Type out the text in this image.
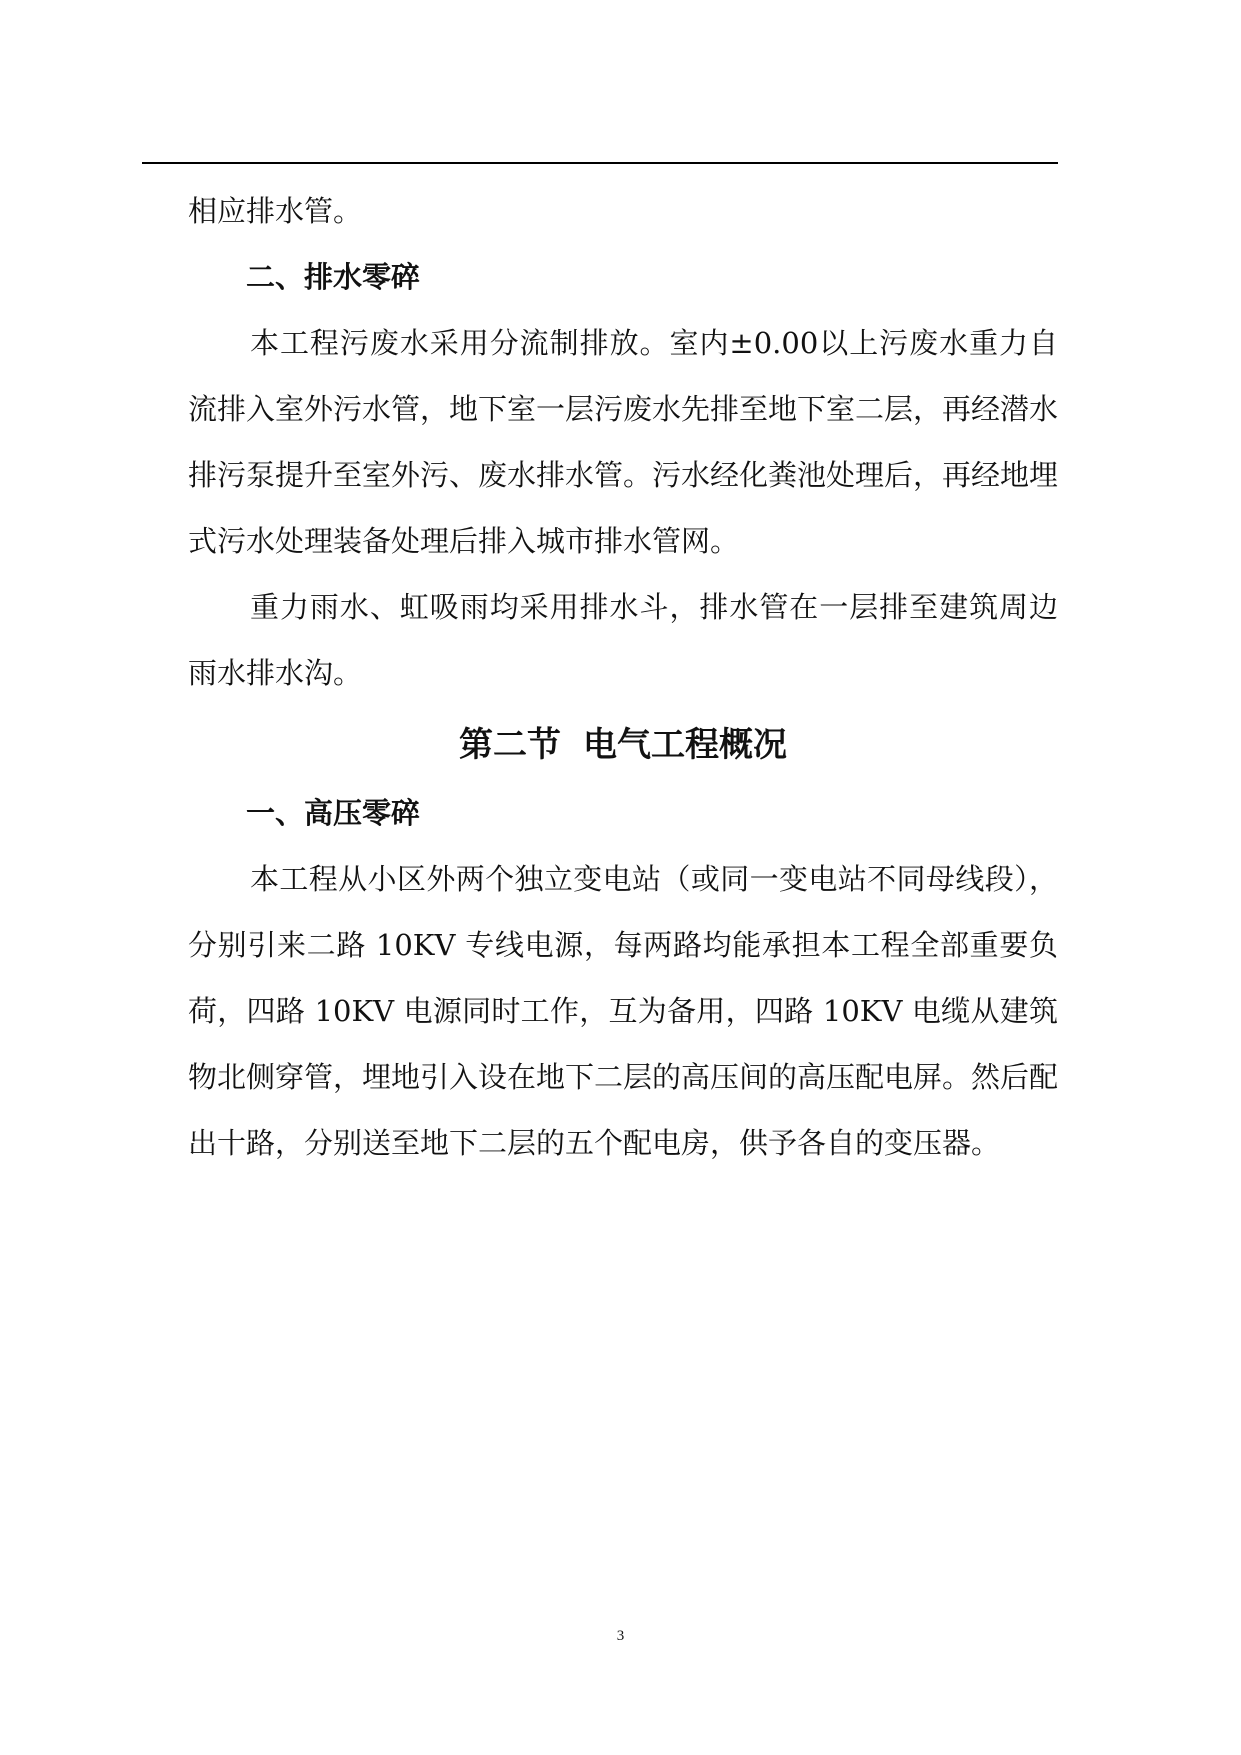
相应排水管。

二、排水零碎

本工程污废水采用分流制排放。室内±0.00以上污废水重力自流排入室外污水管，地下室一层污废水先排至地下室二层，再经潜水排污泵提升至室外污、废水排水管。污水经化粪池处理后，再经地埋式污水处理装备处理后排入城市排水管网。

重力雨水、虹吸雨均采用排水斗，排水管在一层排至建筑周边雨水排水沟。

第二节 电气工程概况

一、高压零碎

本工程从小区外两个独立变电站（或同一变电站不同母线段），分别引来二路 10KV 专线电源，每两路均能承担本工程全部重要负荷，四路 10KV 电源同时工作，互为备用，四路 10KV 电缆从建筑物北侧穿管，埋地引入设在地下二层的高压间的高压配电屏。然后配出十路，分别送至地下二层的五个配电房，供予各自的变压器。

3
